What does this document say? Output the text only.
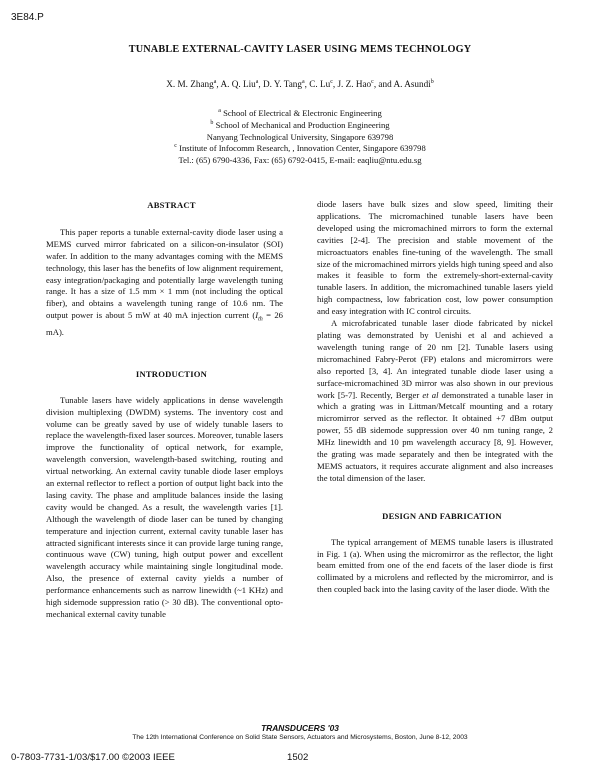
3E84.P
TUNABLE EXTERNAL-CAVITY LASER USING MEMS TECHNOLOGY
X. M. Zhang$^a$, A. Q. Liu$^a$, D. Y. Tang$^a$, C. Lu$^c$, J. Z. Hao$^c$, and A. Asundi$^b$
$^a$ School of Electrical & Electronic Engineering
$^b$ School of Mechanical and Production Engineering
Nanyang Technological University, Singapore 639798
$^c$ Institute of Infocomm Research, , Innovation Center, Singapore 639798
Tel.: (65) 6790-4336, Fax: (65) 6792-0415, E-mail: eaqliu@ntu.edu.sg

ABSTRACT

This paper reports a tunable external-cavity diode laser using a MEMS curved mirror fabricated on a silicon-on-insulator (SOI) wafer. In addition to the many advantages coming with the MEMS technology, this laser has the benefits of low alignment requirement, easy integration/packaging and potentially large wavelength tuning range. It has a size of 1.5 mm × 1 mm (not including the optical fiber), and obtains a wavelength tuning range of 10.6 nm. The output power is about 5 mW at 40 mA injection current ($I_{th} = 26$ mA).

INTRODUCTION

Tunable lasers have widely applications in dense wavelength division multiplexing (DWDM) systems. The inventory cost and volume can be greatly saved by use of widely tunable lasers to replace the wavelength-fixed laser sources. Moreover, tunable lasers improve the functionality of optical network, for example, wavelength conversion, wavelength-based switching, routing and virtual networking. An external cavity tunable diode laser employs an external reflector to reflect a portion of output light back into the lasing cavity. The phase and amplitude balances inside the lasing cavity would be changed. As a result, the wavelength varies [1]. Although the wavelength of diode laser can be tuned by changing temperature and injection current, external cavity tunable laser has attracted significant interests since it can provide large tuning range, continuous wave (CW) tuning, high output power and excellent wavelength accuracy while maintaining single longitudinal mode. Also, the presence of external cavity yields a number of performance enhancements such as narrow linewidth (~1 KHz) and high sidemode suppression ratio (> 30 dB). The conventional opto-mechanical external cavity tunable

diode lasers have bulk sizes and slow speed, limiting their applications. The micromachined tunable lasers have been developed using the micromachined mirrors to form the external cavities [2-4]. The precision and stable movement of the microactuators enables fine-tuning of the wavelength. The small size of the micromachined mirrors yields high tuning speed and also makes it feasible to form the extremely-short-external-cavity tunable lasers. In addition, the micromachined tunable lasers yield high compactness, low fabrication cost, low power consumption and easy integration with IC control circuits.

A microfabricated tunable laser diode fabricated by nickel plating was demonstrated by Uenishi et al and achieved a wavelength tuning range of 20 nm [2]. Tunable lasers using micromachined Fabry-Perot (FP) etalons and micromirrors were also reported [3, 4]. An integrated tunable diode laser using a surface-micromachined 3D mirror was also shown in our previous work [5-7]. Recently, Berger et al demonstrated a tunable laser in which a grating was in Littman/Metcalf mounting and a rotary micromirror served as the reflector. It obtained +7 dBm output power, 55 dB sidemode suppression over 40 nm tuning range, 2 MHz linewidth and 10 pm wavelength accuracy [8, 9]. However, the grating was made separately and then be integrated with the MEMS actuators, it requires accurate alignment and also increases the total dimension of the laser.

DESIGN AND FABRICATION

The typical arrangement of MEMS tunable lasers is illustrated in Fig. 1 (a). When using the micromirror as the reflector, the light beam emitted from one of the end facets of the laser diode is first collimated by a microlens and reflected by the micromirror, and is then coupled back into the lasing cavity of the laser diode. With the

TRANSDUCERS '03
The 12th International Conference on Solid State Sensors, Actuators and Microsystems, Boston, June 8-12, 2003
0-7803-7731-1/03/$17.00 ©2003 IEEE	1502
